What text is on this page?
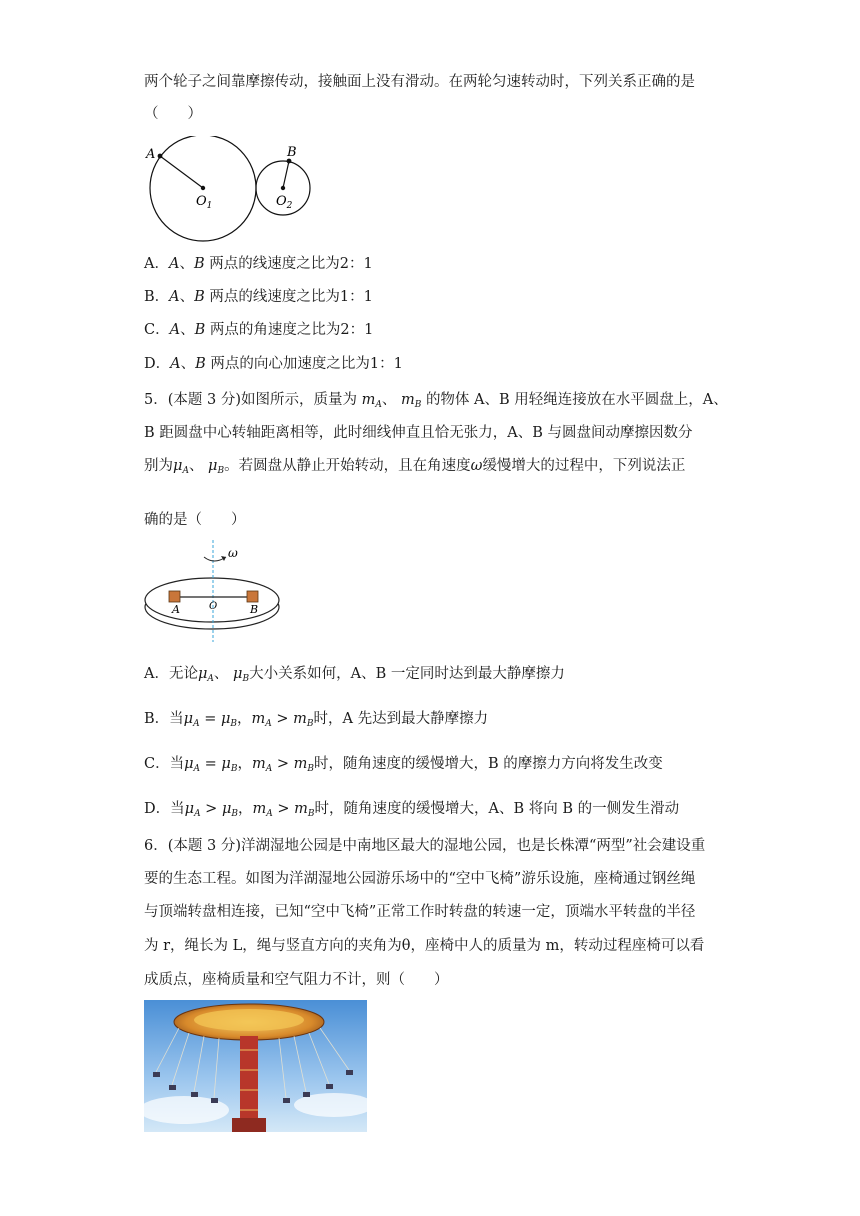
两个轮子之间靠摩擦传动，接触面上没有滑动。在两轮匀速转动时，下列关系正确的是
（　　）
A	B
$O_1$	$O_2$
A．A、B 两点的线速度之比为2：1
B．A、B 两点的线速度之比为1：1
C．A、B 两点的角速度之比为2：1
D．A、B 两点的向心加速度之比为1：1
5．(本题 3 分)如图所示，质量为 $m_A$、 $m_B$ 的物体 A、B 用轻绳连接放在水平圆盘上，A、
B 距圆盘中心转轴距离相等，此时细线伸直且恰无张力，A、B 与圆盘间动摩擦因数分
别为$\mu_A$、 $\mu_B$。若圆盘从静止开始转动，且在角速度ω缓慢增大的过程中，下列说法正
确的是（　　）
ω
A	O	B
A．无论$\mu_A$、 $\mu_B$大小关系如何，A、B 一定同时达到最大静摩擦力
B．当$\mu_A = \mu_B$，$m_A > m_B$时，A 先达到最大静摩擦力
C．当$\mu_A = \mu_B$，$m_A > m_B$时，随角速度的缓慢增大，B 的摩擦力方向将发生改变
D．当$\mu_A > \mu_B$，$m_A > m_B$时，随角速度的缓慢增大，A、B 将向 B 的一侧发生滑动
6．(本题 3 分)洋湖湿地公园是中南地区最大的湿地公园，也是长株潭“两型”社会建设重
要的生态工程。如图为洋湖湿地公园游乐场中的“空中飞椅”游乐设施，座椅通过钢丝绳
与顶端转盘相连接，已知“空中飞椅”正常工作时转盘的转速一定，顶端水平转盘的半径
为 r，绳长为 L，绳与竖直方向的夹角为θ，座椅中人的质量为 m，转动过程座椅可以看
成质点，座椅质量和空气阻力不计，则（　　）
